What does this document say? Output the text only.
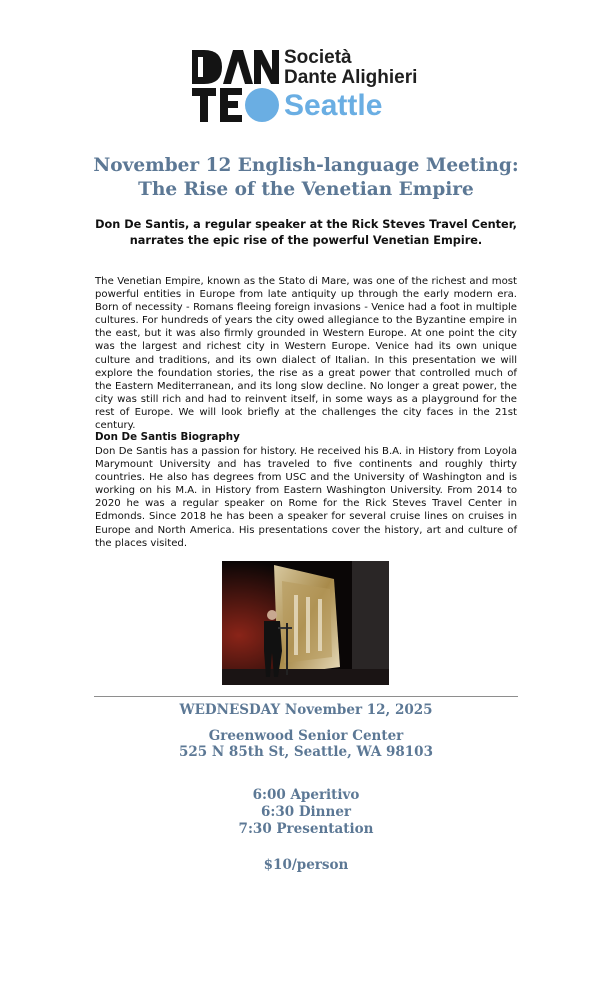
Società
Dante Alighieri
Seattle
November 12 English-language Meeting:
The Rise of the Venetian Empire
Don De Santis, a regular speaker at the Rick Steves Travel Center, narrates the epic rise of the powerful Venetian Empire.

The Venetian Empire, known as the Stato di Mare, was one of the richest and most powerful entities in Europe from late antiquity up through the early modern era. Born of necessity - Romans fleeing foreign invasions - Venice had a foot in multiple cultures. For hundreds of years the city owed allegiance to the Byzantine empire in the east, but it was also firmly grounded in Western Europe. At one point the city was the largest and richest city in Western Europe. Venice had its own unique culture and traditions, and its own dialect of Italian. In this presentation we will explore the foundation stories, the rise as a great power that controlled much of the Eastern Mediterranean, and its long slow decline. No longer a great power, the city was still rich and had to reinvent itself, in some ways as a playground for the rest of Europe. We will look briefly at the challenges the city faces in the 21st century.

Don De Santis Biography

Don De Santis has a passion for history. He received his B.A. in History from Loyola Marymount University and has traveled to five continents and roughly thirty countries. He also has degrees from USC and the University of Washington and is working on his M.A. in History from Eastern Washington University. From 2014 to 2020 he was a regular speaker on Rome for the Rick Steves Travel Center in Edmonds. Since 2018 he has been a speaker for several cruise lines on cruises in Europe and North America. His presentations cover the history, art and culture of the places visited.

WEDNESDAY November 12, 2025
Greenwood Senior Center
525 N 85th St, Seattle, WA 98103
6:00 Aperitivo
6:30 Dinner
7:30 Presentation
$10/person
